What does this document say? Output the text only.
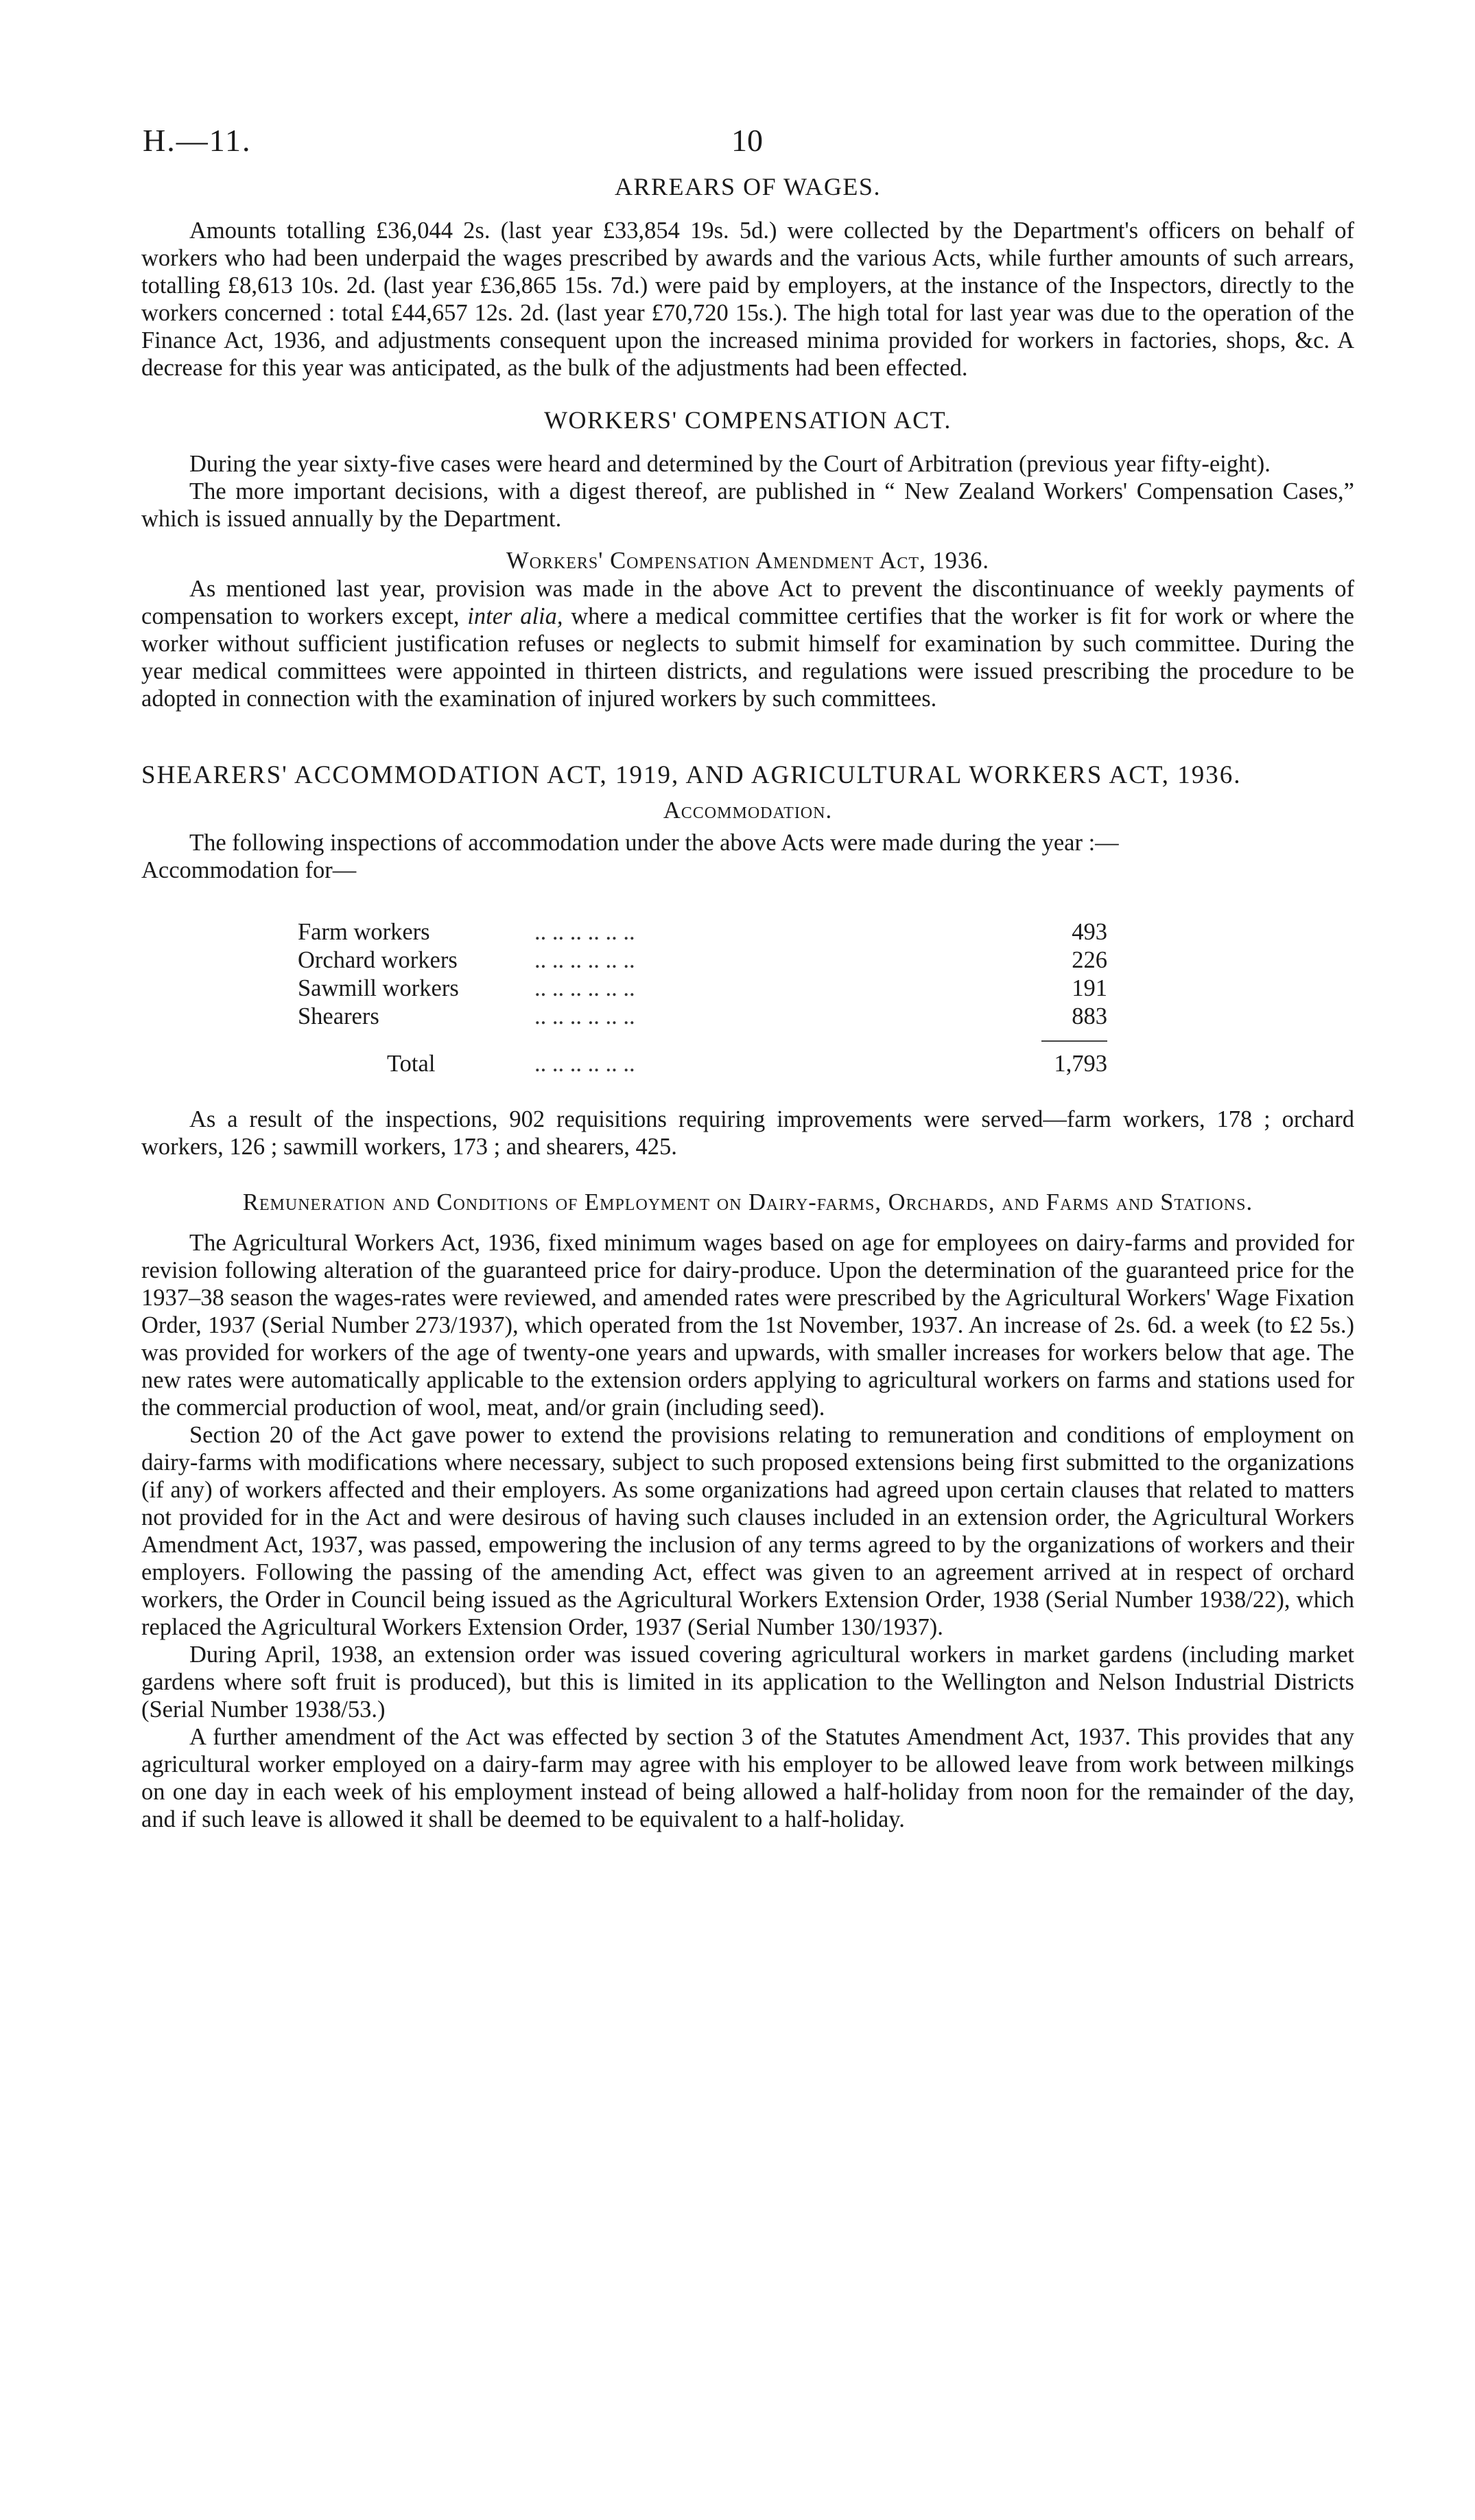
H.—11.	10
ARREARS OF WAGES.

Amounts totalling £36,044 2s. (last year £33,854 19s. 5d.) were collected by the Department's officers on behalf of workers who had been underpaid the wages prescribed by awards and the various Acts, while further amounts of such arrears, totalling £8,613 10s. 2d. (last year £36,865 15s. 7d.) were paid by employers, at the instance of the Inspectors, directly to the workers concerned : total £44,657 12s. 2d. (last year £70,720 15s.). The high total for last year was due to the operation of the Finance Act, 1936, and adjustments consequent upon the increased minima provided for workers in factories, shops, &c. A decrease for this year was anticipated, as the bulk of the adjustments had been effected.

WORKERS' COMPENSATION ACT.

During the year sixty-five cases were heard and determined by the Court of Arbitration (previous year fifty-eight).

The more important decisions, with a digest thereof, are published in “ New Zealand Workers' Compensation Cases,” which is issued annually by the Department.

Workers' Compensation Amendment Act, 1936.

As mentioned last year, provision was made in the above Act to prevent the discontinuance of weekly payments of compensation to workers except, inter alia, where a medical committee certifies that the worker is fit for work or where the worker without sufficient justification refuses or neglects to submit himself for examination by such committee. During the year medical committees were appointed in thirteen districts, and regulations were issued prescribing the procedure to be adopted in connection with the examination of injured workers by such committees.

SHEARERS' ACCOMMODATION ACT, 1919, AND AGRICULTURAL WORKERS ACT, 1936.
Accommodation.

The following inspections of accommodation under the above Acts were made during the year :—

Accommodation for—

Farm workers	.. .. .. .. .. ..	493
Orchard workers	.. .. .. .. .. ..	226
Sawmill workers	.. .. .. .. .. ..	191
Shearers	.. .. .. .. .. ..	883
Total	.. .. .. .. .. ..	1,793

As a result of the inspections, 902 requisitions requiring improvements were served—farm workers, 178 ; orchard workers, 126 ; sawmill workers, 173 ; and shearers, 425.

Remuneration and Conditions of Employment on Dairy-farms, Orchards, and Farms and Stations.

The Agricultural Workers Act, 1936, fixed minimum wages based on age for employees on dairy-farms and provided for revision following alteration of the guaranteed price for dairy-produce. Upon the determination of the guaranteed price for the 1937–38 season the wages-rates were reviewed, and amended rates were prescribed by the Agricultural Workers' Wage Fixation Order, 1937 (Serial Number 273/1937), which operated from the 1st November, 1937. An increase of 2s. 6d. a week (to £2 5s.) was provided for workers of the age of twenty-one years and upwards, with smaller increases for workers below that age. The new rates were automatically applicable to the extension orders applying to agricultural workers on farms and stations used for the commercial production of wool, meat, and/or grain (including seed).

Section 20 of the Act gave power to extend the provisions relating to remuneration and conditions of employment on dairy-farms with modifications where necessary, subject to such proposed extensions being first submitted to the organizations (if any) of workers affected and their employers. As some organizations had agreed upon certain clauses that related to matters not provided for in the Act and were desirous of having such clauses included in an extension order, the Agricultural Workers Amendment Act, 1937, was passed, empowering the inclusion of any terms agreed to by the organizations of workers and their employers. Following the passing of the amending Act, effect was given to an agreement arrived at in respect of orchard workers, the Order in Council being issued as the Agricultural Workers Extension Order, 1938 (Serial Number 1938/22), which replaced the Agricultural Workers Extension Order, 1937 (Serial Number 130/1937).

During April, 1938, an extension order was issued covering agricultural workers in market gardens (including market gardens where soft fruit is produced), but this is limited in its application to the Wellington and Nelson Industrial Districts (Serial Number 1938/53.)

A further amendment of the Act was effected by section 3 of the Statutes Amendment Act, 1937. This provides that any agricultural worker employed on a dairy-farm may agree with his employer to be allowed leave from work between milkings on one day in each week of his employment instead of being allowed a half-holiday from noon for the remainder of the day, and if such leave is allowed it shall be deemed to be equivalent to a half-holiday.
